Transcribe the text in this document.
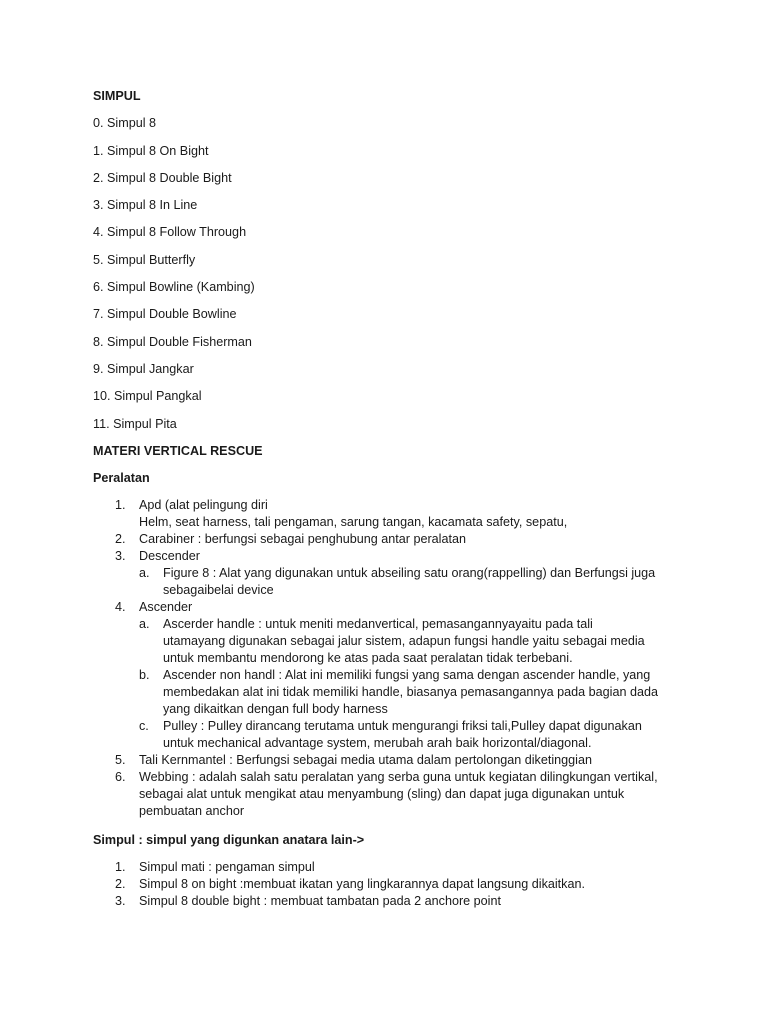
SIMPUL

0. Simpul 8

1. Simpul 8 On Bight

2. Simpul 8 Double Bight

3. Simpul 8 In Line

4. Simpul 8 Follow Through

5. Simpul Butterfly

6. Simpul Bowline (Kambing)

7. Simpul Double Bowline

8. Simpul Double Fisherman

9. Simpul Jangkar

10. Simpul Pangkal

11. Simpul Pita

MATERI VERTICAL RESCUE

Peralatan

1. Apd (alat pelingung diri
Helm, seat harness, tali pengaman, sarung tangan, kacamata safety, sepatu,
2. Carabiner : berfungsi sebagai penghubung antar peralatan
3. Descender
a. Figure 8 : Alat yang digunakan untuk abseiling satu orang(rappelling) dan Berfungsi juga
sebagaibelai device
4. Ascender
a. Ascerder handle : untuk meniti medanvertical, pemasangannyayaitu pada tali
utamayang digunakan sebagai jalur sistem, adapun fungsi handle yaitu sebagai media
untuk membantu mendorong ke atas pada saat peralatan tidak terbebani.
b. Ascender non handl : Alat ini memiliki fungsi yang sama dengan ascender handle, yang
membedakan alat ini tidak memiliki handle, biasanya pemasangannya pada bagian dada
yang dikaitkan dengan full body harness
c. Pulley : Pulley dirancang terutama untuk mengurangi friksi tali,Pulley dapat digunakan
untuk mechanical advantage system, merubah arah baik horizontal/diagonal.
5. Tali Kernmantel : Berfungsi sebagai media utama dalam pertolongan diketinggian
6. Webbing : adalah salah satu peralatan yang serba guna untuk kegiatan dilingkungan vertikal,
sebagai alat untuk mengikat atau menyambung (sling) dan dapat juga digunakan untuk
pembuatan anchor

Simpul : simpul yang digunkan anatara lain->

1. Simpul mati : pengaman simpul
2. Simpul 8 on bight :membuat ikatan yang lingkarannya dapat langsung dikaitkan.
3. Simpul 8 double bight : membuat tambatan pada 2 anchore point
